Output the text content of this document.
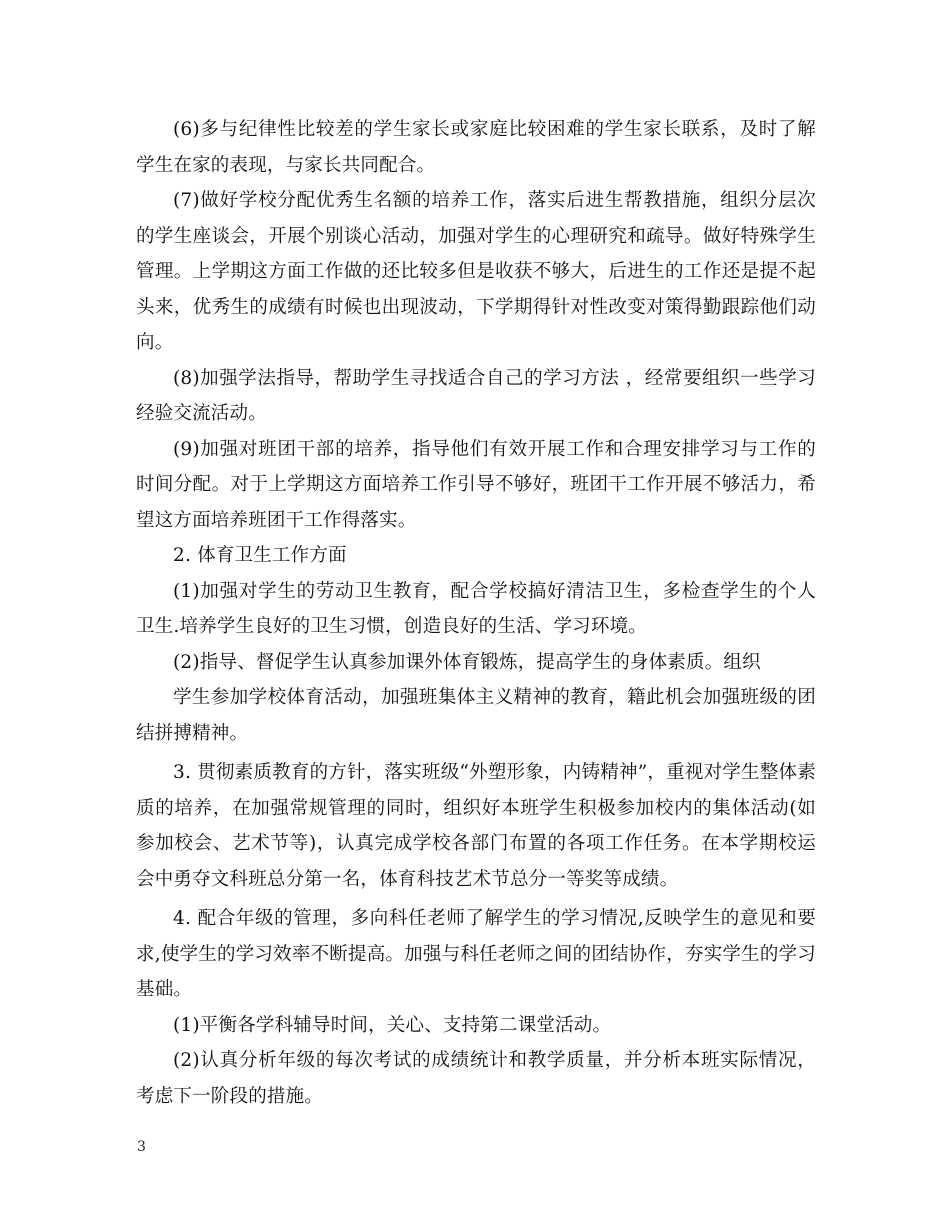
(6)多与纪律性比较差的学生家长或家庭比较困难的学生家长联系，及时了解学生在家的表现，与家长共同配合。

(7)做好学校分配优秀生名额的培养工作，落实后进生帮教措施，组织分层次的学生座谈会，开展个别谈心活动，加强对学生的心理研究和疏导。做好特殊学生管理。上学期这方面工作做的还比较多但是收获不够大，后进生的工作还是提不起头来，优秀生的成绩有时候也出现波动，下学期得针对性改变对策得勤跟踪他们动向。

(8)加强学法指导，帮助学生寻找适合自己的学习方法 ，经常要组织一些学习经验交流活动。

(9)加强对班团干部的培养，指导他们有效开展工作和合理安排学习与工作的时间分配。对于上学期这方面培养工作引导不够好，班团干工作开展不够活力，希望这方面培养班团干工作得落实。

2. 体育卫生工作方面

(1)加强对学生的劳动卫生教育，配合学校搞好清洁卫生，多检查学生的个人卫生.培养学生良好的卫生习惯，创造良好的生活、学习环境。

(2)指导、督促学生认真参加课外体育锻炼，提高学生的身体素质。组织

学生参加学校体育活动，加强班集体主义精神的教育，籍此机会加强班级的团结拼搏精神。

3. 贯彻素质教育的方针，落实班级“外塑形象，内铸精神”，重视对学生整体素质的培养，在加强常规管理的同时，组织好本班学生积极参加校内的集体活动(如参加校会、艺术节等)，认真完成学校各部门布置的各项工作任务。在本学期校运会中勇夺文科班总分第一名，体育科技艺术节总分一等奖等成绩。

4. 配合年级的管理，多向科任老师了解学生的学习情况,反映学生的意见和要求,使学生的学习效率不断提高。加强与科任老师之间的团结协作，夯实学生的学习基础。

(1)平衡各学科辅导时间，关心、支持第二课堂活动。

(2)认真分析年级的每次考试的成绩统计和教学质量，并分析本班实际情况，考虑下一阶段的措施。

3
